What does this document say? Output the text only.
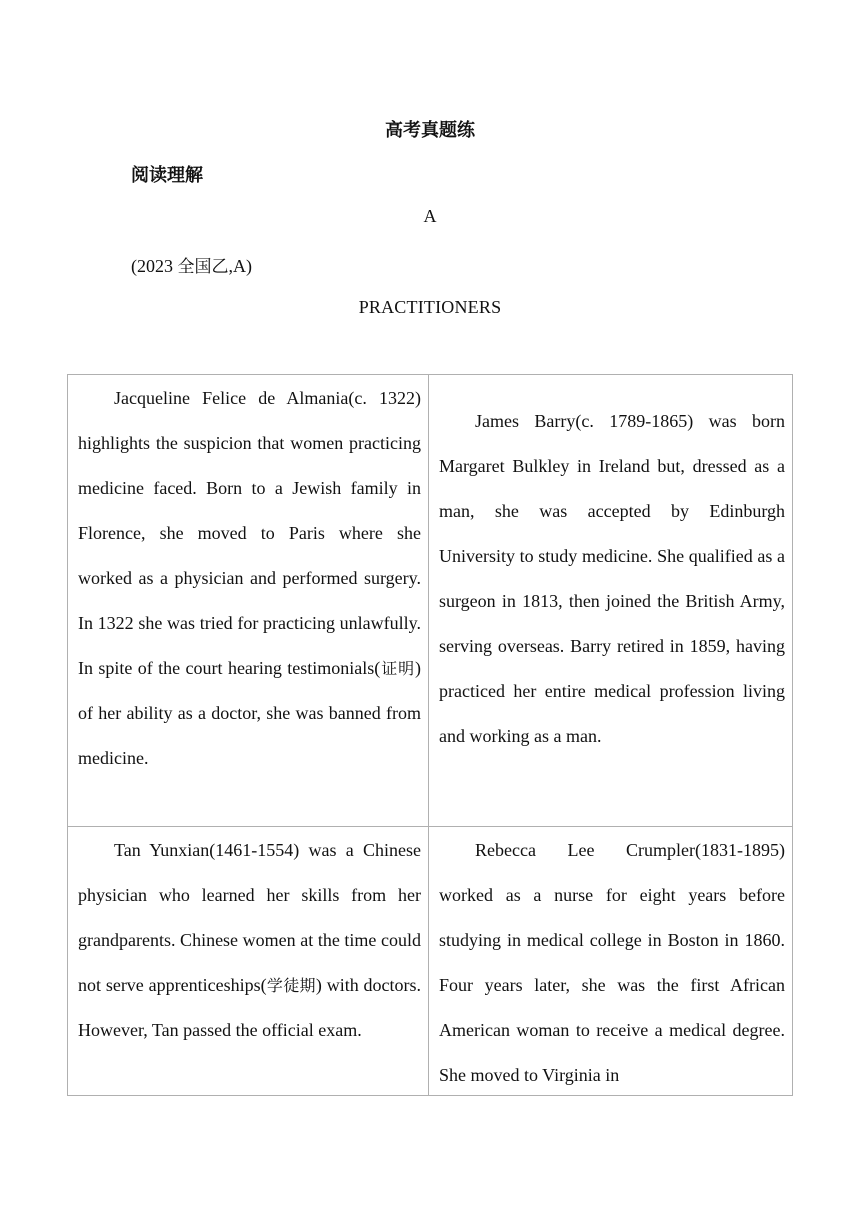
高考真题练
阅读理解
A
(2023 全国乙,A)
PRACTITIONERS

Jacqueline Felice de Almania(c. 1322) highlights the suspicion that women practicing medicine faced. Born to a Jewish family in Florence, she moved to Paris where she worked as a physician and performed surgery. In 1322 she was tried for practicing unlawfully. In spite of the court hearing testimonials(证明) of her ability as a doctor, she was banned from medicine.

James Barry(c. 1789-1865) was born Margaret Bulkley in Ireland but, dressed as a man, she was accepted by Edinburgh University to study medicine. She qualified as a surgeon in 1813, then joined the British Army, serving overseas. Barry retired in 1859, having practiced her entire medical profession living and working as a man.

Tan Yunxian(1461-1554) was a Chinese physician who learned her skills from her grandparents. Chinese women at the time could not serve apprenticeships(学徒期) with doctors. However, Tan passed the official exam.

Rebecca Lee Crumpler(1831-1895) worked as a nurse for eight years before studying in medical college in Boston in 1860. Four years later, she was the first African American woman to receive a medical degree. She moved to Virginia in
